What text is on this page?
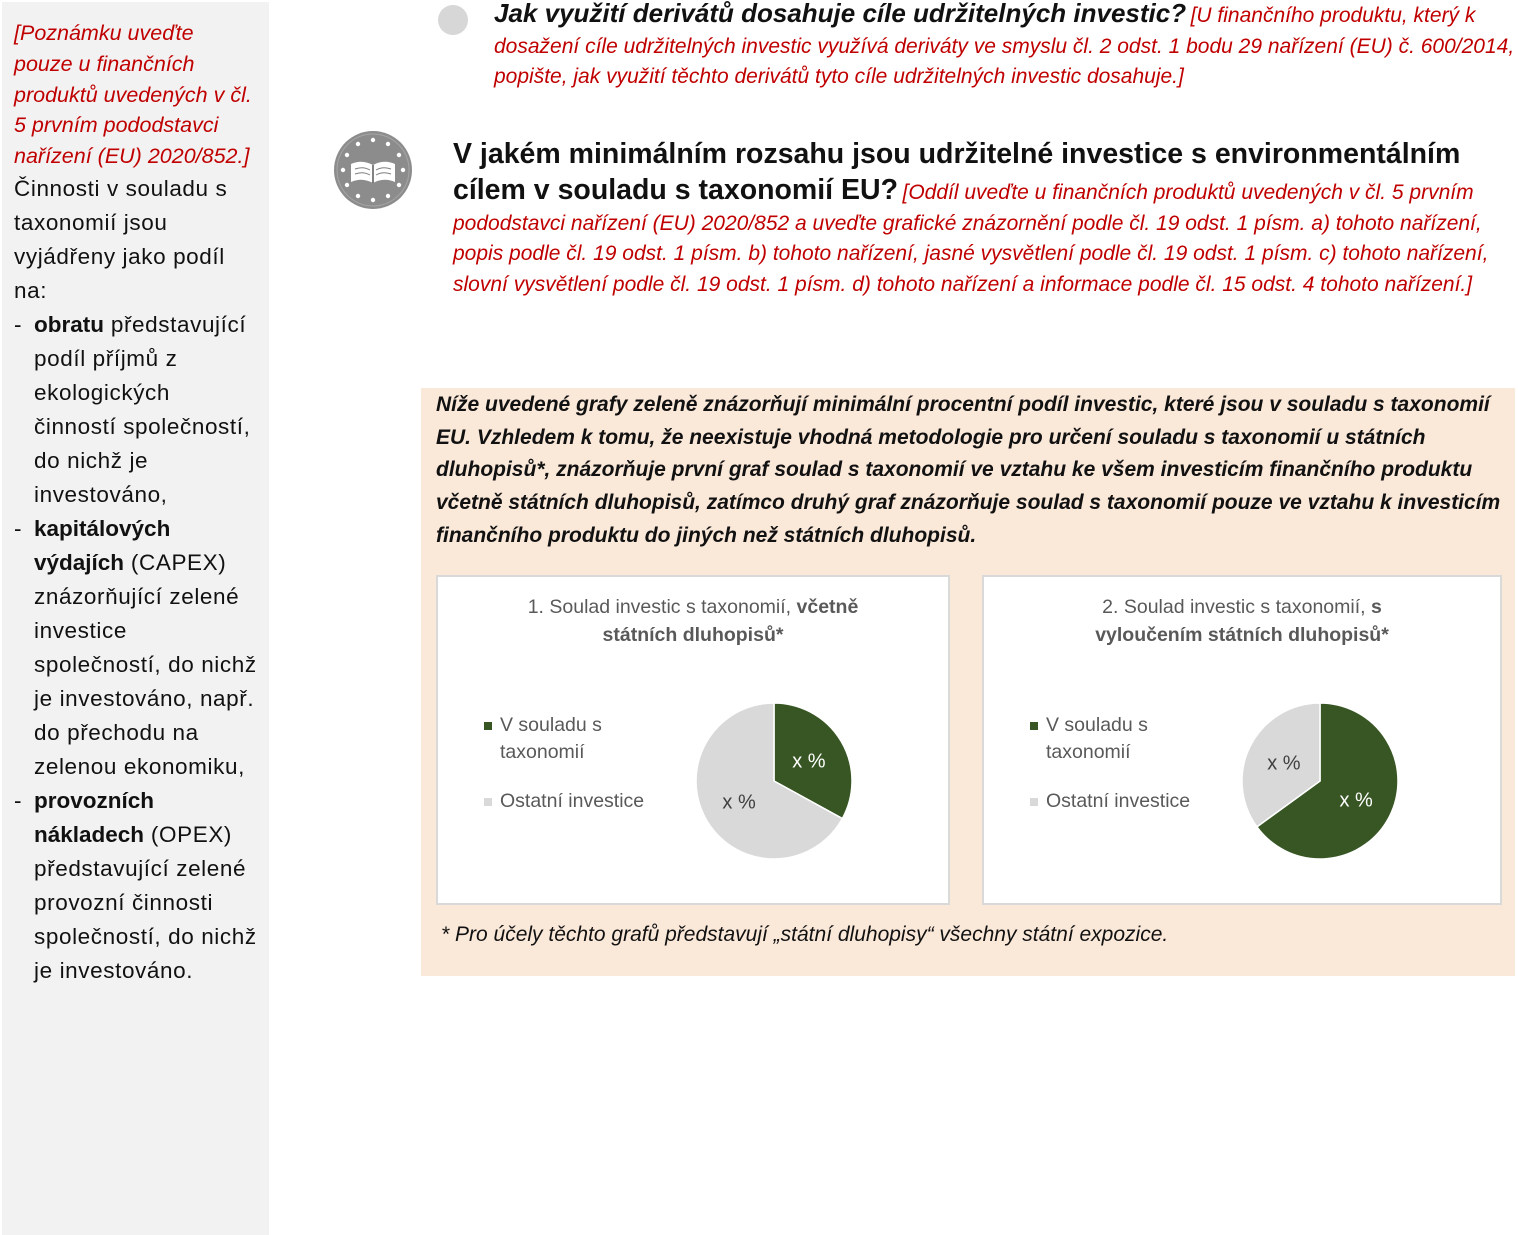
[Poznámku uveďte pouze u finančních produktů uvedených v čl. 5 prvním pododstavci nařízení (EU) 2020/852.]

Činnosti v souladu s taxonomií jsou vyjádřeny jako podíl na:

- obratu představující podíl příjmů z ekologických činností společností, do nichž je investováno,
- kapitálových výdajích (CAPEX) znázorňující zelené investice společností, do nichž je investováno, např. do přechodu na zelenou ekonomiku,
- provozních nákladech (OPEX) představující zelené provozní činnosti společností, do nichž je investováno.

Jak využití derivátů dosahuje cíle udržitelných investic? [U finančního produktu, který k dosažení cíle udržitelných investic využívá deriváty ve smyslu čl. 2 odst. 1 bodu 29 nařízení (EU) č. 600/2014, popište, jak využití těchto derivátů tyto cíle udržitelných investic dosahuje.]

V jakém minimálním rozsahu jsou udržitelné investice s environmentálním cílem v souladu s taxonomií EU? [Oddíl uveďte u finančních produktů uvedených v čl. 5 prvním pododstavci nařízení (EU) 2020/852 a uveďte grafické znázornění podle čl. 19 odst. 1 písm. a) tohoto nařízení, popis podle čl. 19 odst. 1 písm. b) tohoto nařízení, jasné vysvětlení podle čl. 19 odst. 1 písm. c) tohoto nařízení, slovní vysvětlení podle čl. 19 odst. 1 písm. d) tohoto nařízení a informace podle čl. 15 odst. 4 tohoto nařízení.]

Níže uvedené grafy zeleně znázorňují minimální procentní podíl investic, které jsou v souladu s taxonomií EU. Vzhledem k tomu, že neexistuje vhodná metodologie pro určení souladu s taxonomií u státních dluhopisů*, znázorňuje první graf soulad s taxonomií ve vztahu ke všem investicím finančního produktu včetně státních dluhopisů, zatímco druhý graf znázorňuje soulad s taxonomií pouze ve vztahu k investicím finančního produktu do jiných než státních dluhopisů.

1. Soulad investic s taxonomií, včetně státních dluhopisů*
V souladu s taxonomií
Ostatní investice
x %
x %
2. Soulad investic s taxonomií, s vyloučením státních dluhopisů*
V souladu s taxonomií
Ostatní investice	x %
x %

* Pro účely těchto grafů představují „státní dluhopisy“ všechny státní expozice.
